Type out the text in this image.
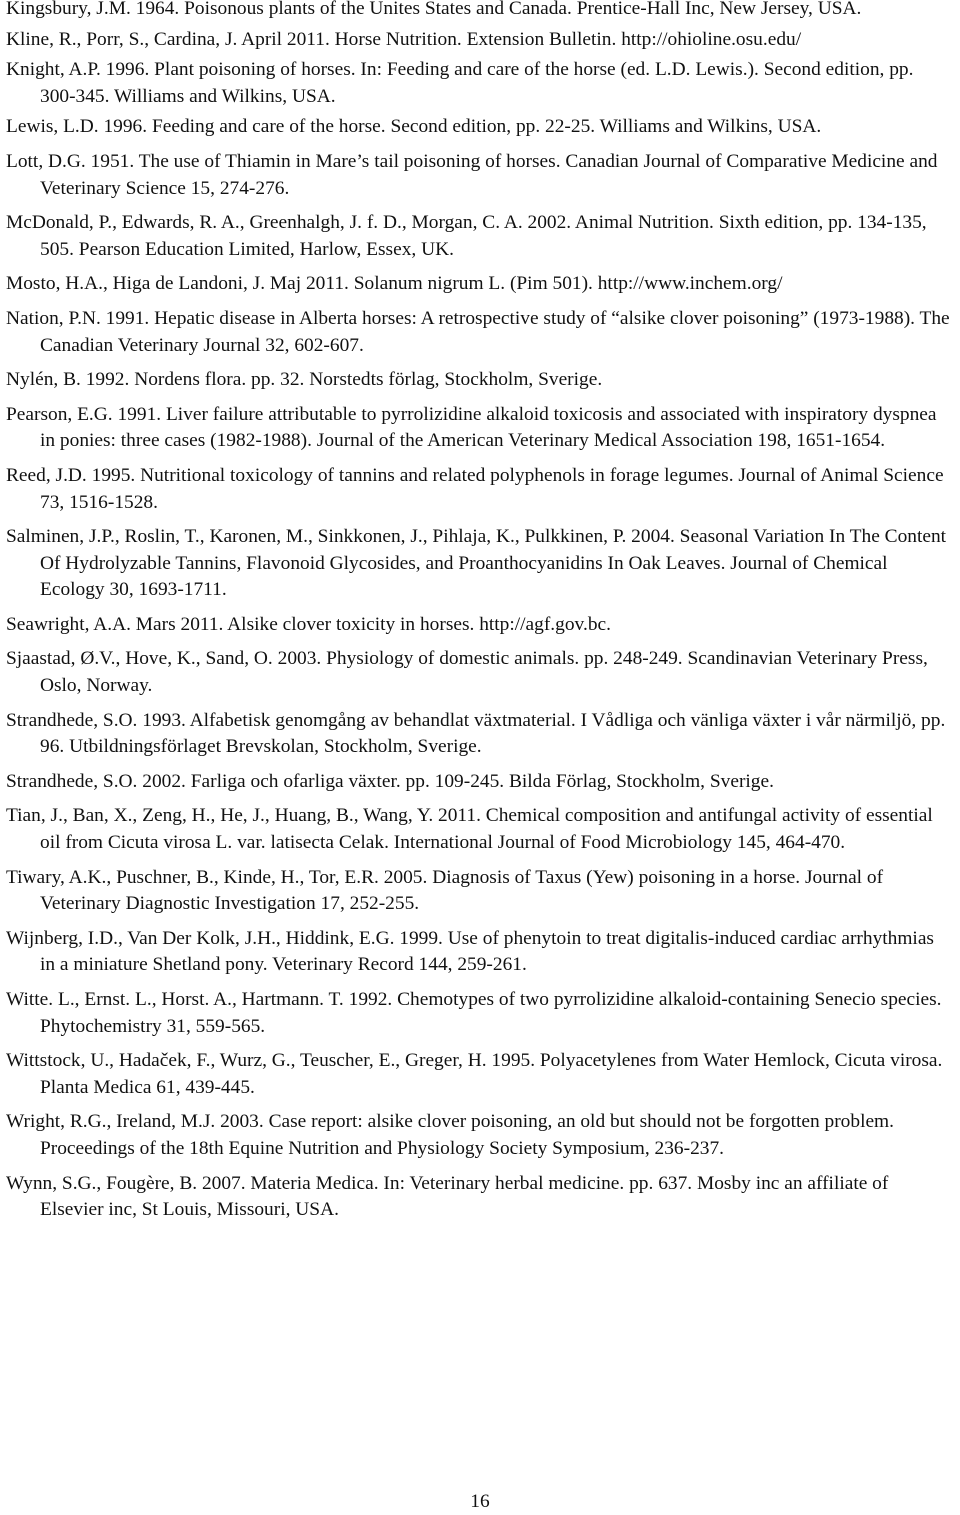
Kingsbury, J.M. 1964. Poisonous plants of the Unites States and Canada. Prentice-Hall Inc, New Jersey, USA.
Kline, R., Porr, S., Cardina, J. April 2011. Horse Nutrition. Extension Bulletin. http://ohioline.osu.edu/
Knight, A.P. 1996. Plant poisoning of horses. In: Feeding and care of the horse (ed. L.D. Lewis.). Second edition, pp. 300-345. Williams and Wilkins, USA.
Lewis, L.D. 1996. Feeding and care of the horse. Second edition, pp. 22-25. Williams and Wilkins, USA.
Lott, D.G. 1951. The use of Thiamin in Mare’s tail poisoning of horses. Canadian Journal of Comparative Medicine and Veterinary Science 15, 274-276.
McDonald, P., Edwards, R. A., Greenhalgh, J. f. D., Morgan, C. A. 2002. Animal Nutrition. Sixth edition, pp. 134-135, 505. Pearson Education Limited, Harlow, Essex, UK.
Mosto, H.A., Higa de Landoni, J. Maj 2011. Solanum nigrum L. (Pim 501). http://www.inchem.org/
Nation, P.N. 1991. Hepatic disease in Alberta horses: A retrospective study of “alsike clover poisoning” (1973-1988). The Canadian Veterinary Journal 32, 602-607.
Nylén, B. 1992. Nordens flora. pp. 32. Norstedts förlag, Stockholm, Sverige.
Pearson, E.G. 1991. Liver failure attributable to pyrrolizidine alkaloid toxicosis and associated with inspiratory dyspnea in ponies: three cases (1982-1988). Journal of the American Veterinary Medical Association 198, 1651-1654.
Reed, J.D. 1995. Nutritional toxicology of tannins and related polyphenols in forage legumes. Journal of Animal Science 73, 1516-1528.
Salminen, J.P., Roslin, T., Karonen, M., Sinkkonen, J., Pihlaja, K., Pulkkinen, P. 2004. Seasonal Variation In The Content Of Hydrolyzable Tannins, Flavonoid Glycosides, and Proanthocyanidins In Oak Leaves. Journal of Chemical Ecology 30, 1693-1711.
Seawright, A.A. Mars 2011. Alsike clover toxicity in horses. http://agf.gov.bc.
Sjaastad, Ø.V., Hove, K., Sand, O. 2003. Physiology of domestic animals. pp. 248-249. Scandinavian Veterinary Press, Oslo, Norway.
Strandhede, S.O. 1993. Alfabetisk genomgång av behandlat växtmaterial. I Vådliga och vänliga växter i vår närmiljö, pp. 96. Utbildningsförlaget Brevskolan, Stockholm, Sverige.
Strandhede, S.O. 2002. Farliga och ofarliga växter. pp. 109-245. Bilda Förlag, Stockholm, Sverige.
Tian, J., Ban, X., Zeng, H., He, J., Huang, B., Wang, Y. 2011. Chemical composition and antifungal activity of essential oil from Cicuta virosa L. var. latisecta Celak. International Journal of Food Microbiology 145, 464-470.
Tiwary, A.K., Puschner, B., Kinde, H., Tor, E.R. 2005. Diagnosis of Taxus (Yew) poisoning in a horse. Journal of Veterinary Diagnostic Investigation 17, 252-255.
Wijnberg, I.D., Van Der Kolk, J.H., Hiddink, E.G. 1999. Use of phenytoin to treat digitalis-induced cardiac arrhythmias in a miniature Shetland pony. Veterinary Record 144, 259-261.
Witte. L., Ernst. L., Horst. A., Hartmann. T. 1992. Chemotypes of two pyrrolizidine alkaloid-containing Senecio species. Phytochemistry 31, 559-565.
Wittstock, U., Hadaček, F., Wurz, G., Teuscher, E., Greger, H. 1995. Polyacetylenes from Water Hemlock, Cicuta virosa. Planta Medica 61, 439-445.
Wright, R.G., Ireland, M.J. 2003. Case report: alsike clover poisoning, an old but should not be forgotten problem. Proceedings of the 18th Equine Nutrition and Physiology Society Symposium, 236-237.
Wynn, S.G., Fougère, B. 2007. Materia Medica. In: Veterinary herbal medicine. pp. 637. Mosby inc an affiliate of Elsevier inc, St Louis, Missouri, USA.
16
